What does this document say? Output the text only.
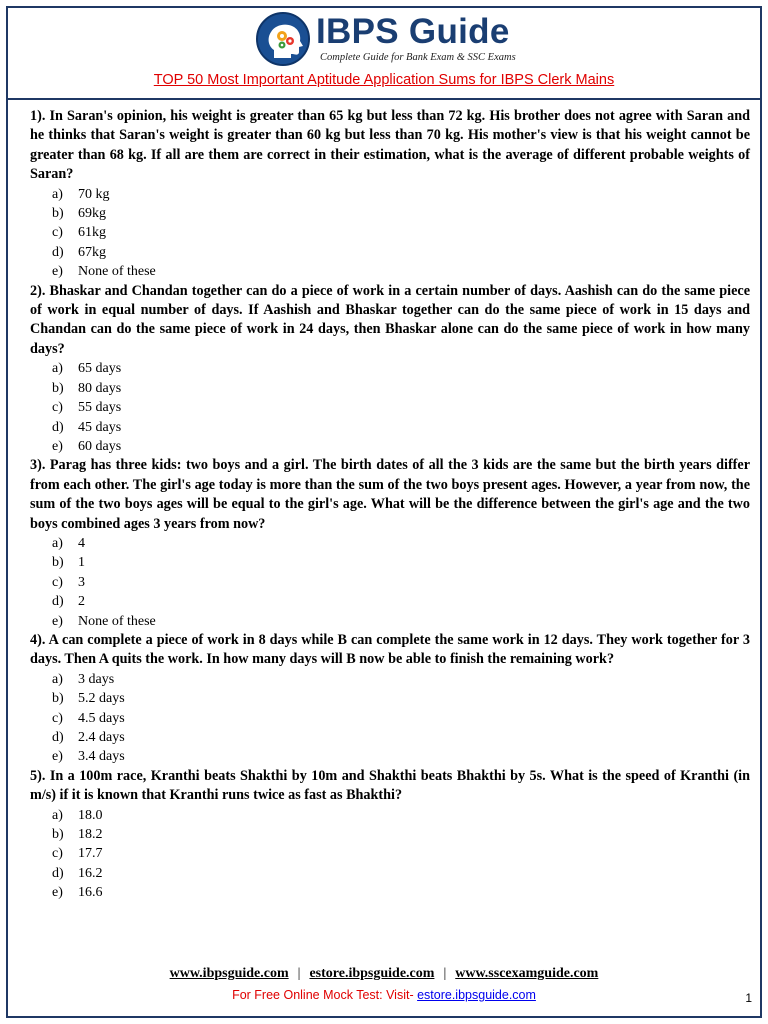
IBPS Guide
Complete Guide for Bank Exam & SSC Exams
TOP 50 Most Important Aptitude Application Sums for IBPS Clerk Mains

1). In Saran's opinion, his weight is greater than 65 kg but less than 72 kg. His brother does not agree with Saran and he thinks that Saran's weight is greater than 60 kg but less than 70 kg. His mother's view is that his weight cannot be greater than 68 kg. If all are them are correct in their estimation, what is the average of different probable weights of Saran?

a) 70 kg
b) 69kg
c) 61kg
d) 67kg
e) None of these

2). Bhaskar and Chandan together can do a piece of work in a certain number of days. Aashish can do the same piece of work in equal number of days. If Aashish and Bhaskar together can do the same piece of work in 15 days and Chandan can do the same piece of work in 24 days, then Bhaskar alone can do the same piece of work in how many days?

a) 65 days
b) 80 days
c) 55 days
d) 45 days
e) 60 days

3). Parag has three kids: two boys and a girl. The birth dates of all the 3 kids are the same but the birth years differ from each other. The girl's age today is more than the sum of the two boys present ages. However, a year from now, the sum of the two boys ages will be equal to the girl's age. What will be the difference between the girl's age and the two boys combined ages 3 years from now?

a) 4
b) 1
c) 3
d) 2
e) None of these

4). A can complete a piece of work in 8 days while B can complete the same work in 12 days. They work together for 3 days. Then A quits the work. In how many days will B now be able to finish the remaining work?

a) 3 days
b) 5.2 days
c) 4.5 days
d) 2.4 days
e) 3.4 days

5). In a 100m race, Kranthi beats Shakthi by 10m and Shakthi beats Bhakthi by 5s. What is the speed of Kranthi (in m/s) if it is known that Kranthi runs twice as fast as Bhakthi?

a) 18.0
b) 18.2
c) 17.7
d) 16.2
e) 16.6
www.ibpsguide.com | estore.ibpsguide.com | www.sscexamguide.com
For Free Online Mock Test: Visit- estore.ibpsguide.com	1
